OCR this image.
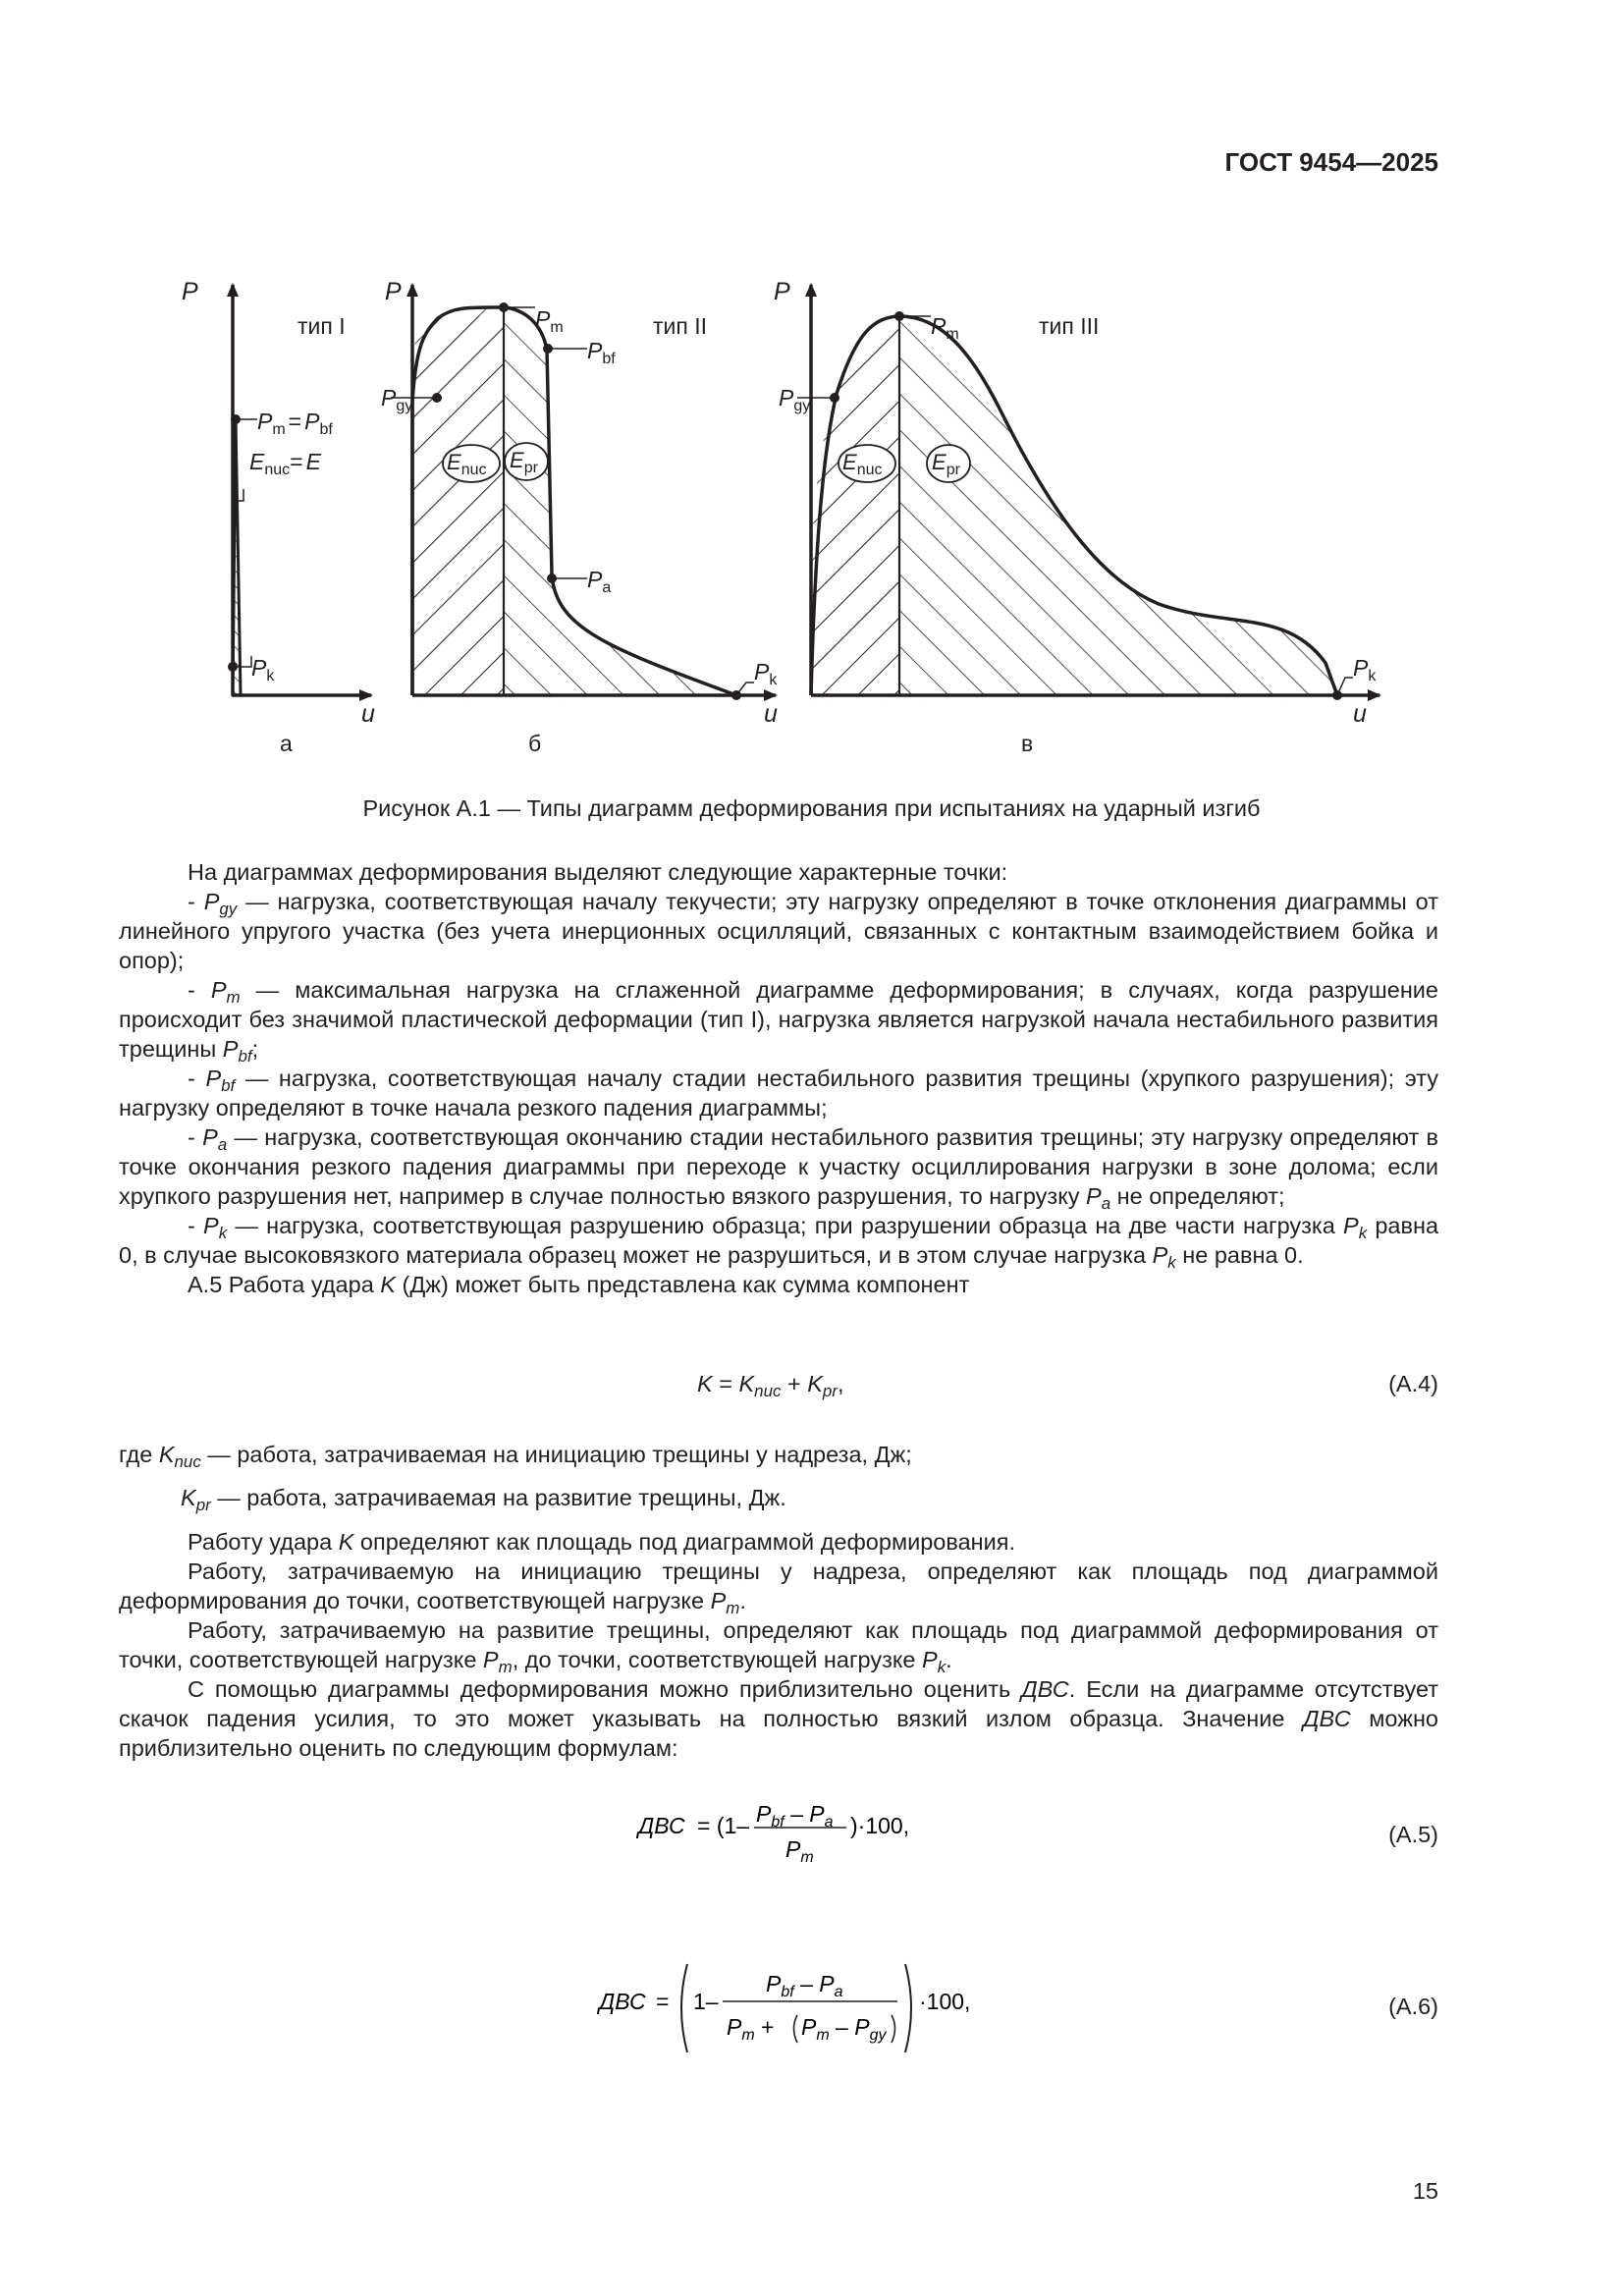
ГОСТ 9454—2025
P
u
тип I
$P_m = P_{bf}$
$E_{nuc}= E$
$P_k$
а
$E_{nuc}$ $E_{pr}$
P
u
тип II
$P_{gy}$
$P_m$
$P_{bf}$
$P_a$
$P_k$
б
$E_{nuc}$ $E_{pr}$
P
u
тип III
$P_{gy}$
$P_m$
$P_k$
в
Рисунок А.1 — Типы диаграмм деформирования при испытаниях на ударный изгиб

На диаграммах деформирования выделяют следующие характерные точки:

- $P_{gy}$ — нагрузка, соответствующая началу текучести; эту нагрузку определяют в точке отклонения диаграммы от линейного упругого участка (без учета инерционных осцилляций, связанных с контактным взаимодействием бойка и опор);

- $P_m$ — максимальная нагрузка на сглаженной диаграмме деформирования; в случаях, когда разрушение происходит без значимой пластической деформации (тип I), нагрузка является нагрузкой начала нестабильного развития трещины $P_{bf}$;

- $P_{bf}$ — нагрузка, соответствующая началу стадии нестабильного развития трещины (хрупкого разрушения); эту нагрузку определяют в точке начала резкого падения диаграммы;

- $P_a$ — нагрузка, соответствующая окончанию стадии нестабильного развития трещины; эту нагрузку определяют в точке окончания резкого падения диаграммы при переходе к участку осциллирования нагрузки в зоне долома; если хрупкого разрушения нет, например в случае полностью вязкого разрушения, то нагрузку $P_a$ не определяют;

- $P_k$ — нагрузка, соответствующая разрушению образца; при разрушении образца на две части нагрузка $P_k$ равна 0, в случае высоковязкого материала образец может не разрушиться, и в этом случае нагрузка $P_k$ не равна 0.

А.5 Работа удара K (Дж) может быть представлена как сумма компонент

$K = K_{nuc} + K_{pr}$,	(А.4)
где $K_{nuc}$ — работа, затрачиваемая на инициацию трещины у надреза, Дж;
$K_{pr}$ — работа, затрачиваемая на развитие трещины, Дж.

Работу удара K определяют как площадь под диаграммой деформирования.

Работу, затрачиваемую на инициацию трещины у надреза, определяют как площадь под диаграммой деформирования до точки, соответствующей нагрузке $P_m$.

Работу, затрачиваемую на развитие трещины, определяют как площадь под диаграммой деформирования от точки, соответствующей нагрузке $P_m$, до точки, соответствующей нагрузке $P_k$.

С помощью диаграммы деформирования можно приблизительно оценить ДВС. Если на диаграмме отсутствует скачок падения усилия, то это может указывать на полностью вязкий излом образца. Значение ДВС можно приблизительно оценить по следующим формулам:

ДВС = (1– $P_{bf} - P_a$
$P_m$
)·100,	(А.5)
ДВС = 1–
$P_{bf} - P_a$
$P_m + P_m - P_{gy}$
·100,	(А.6)
15
